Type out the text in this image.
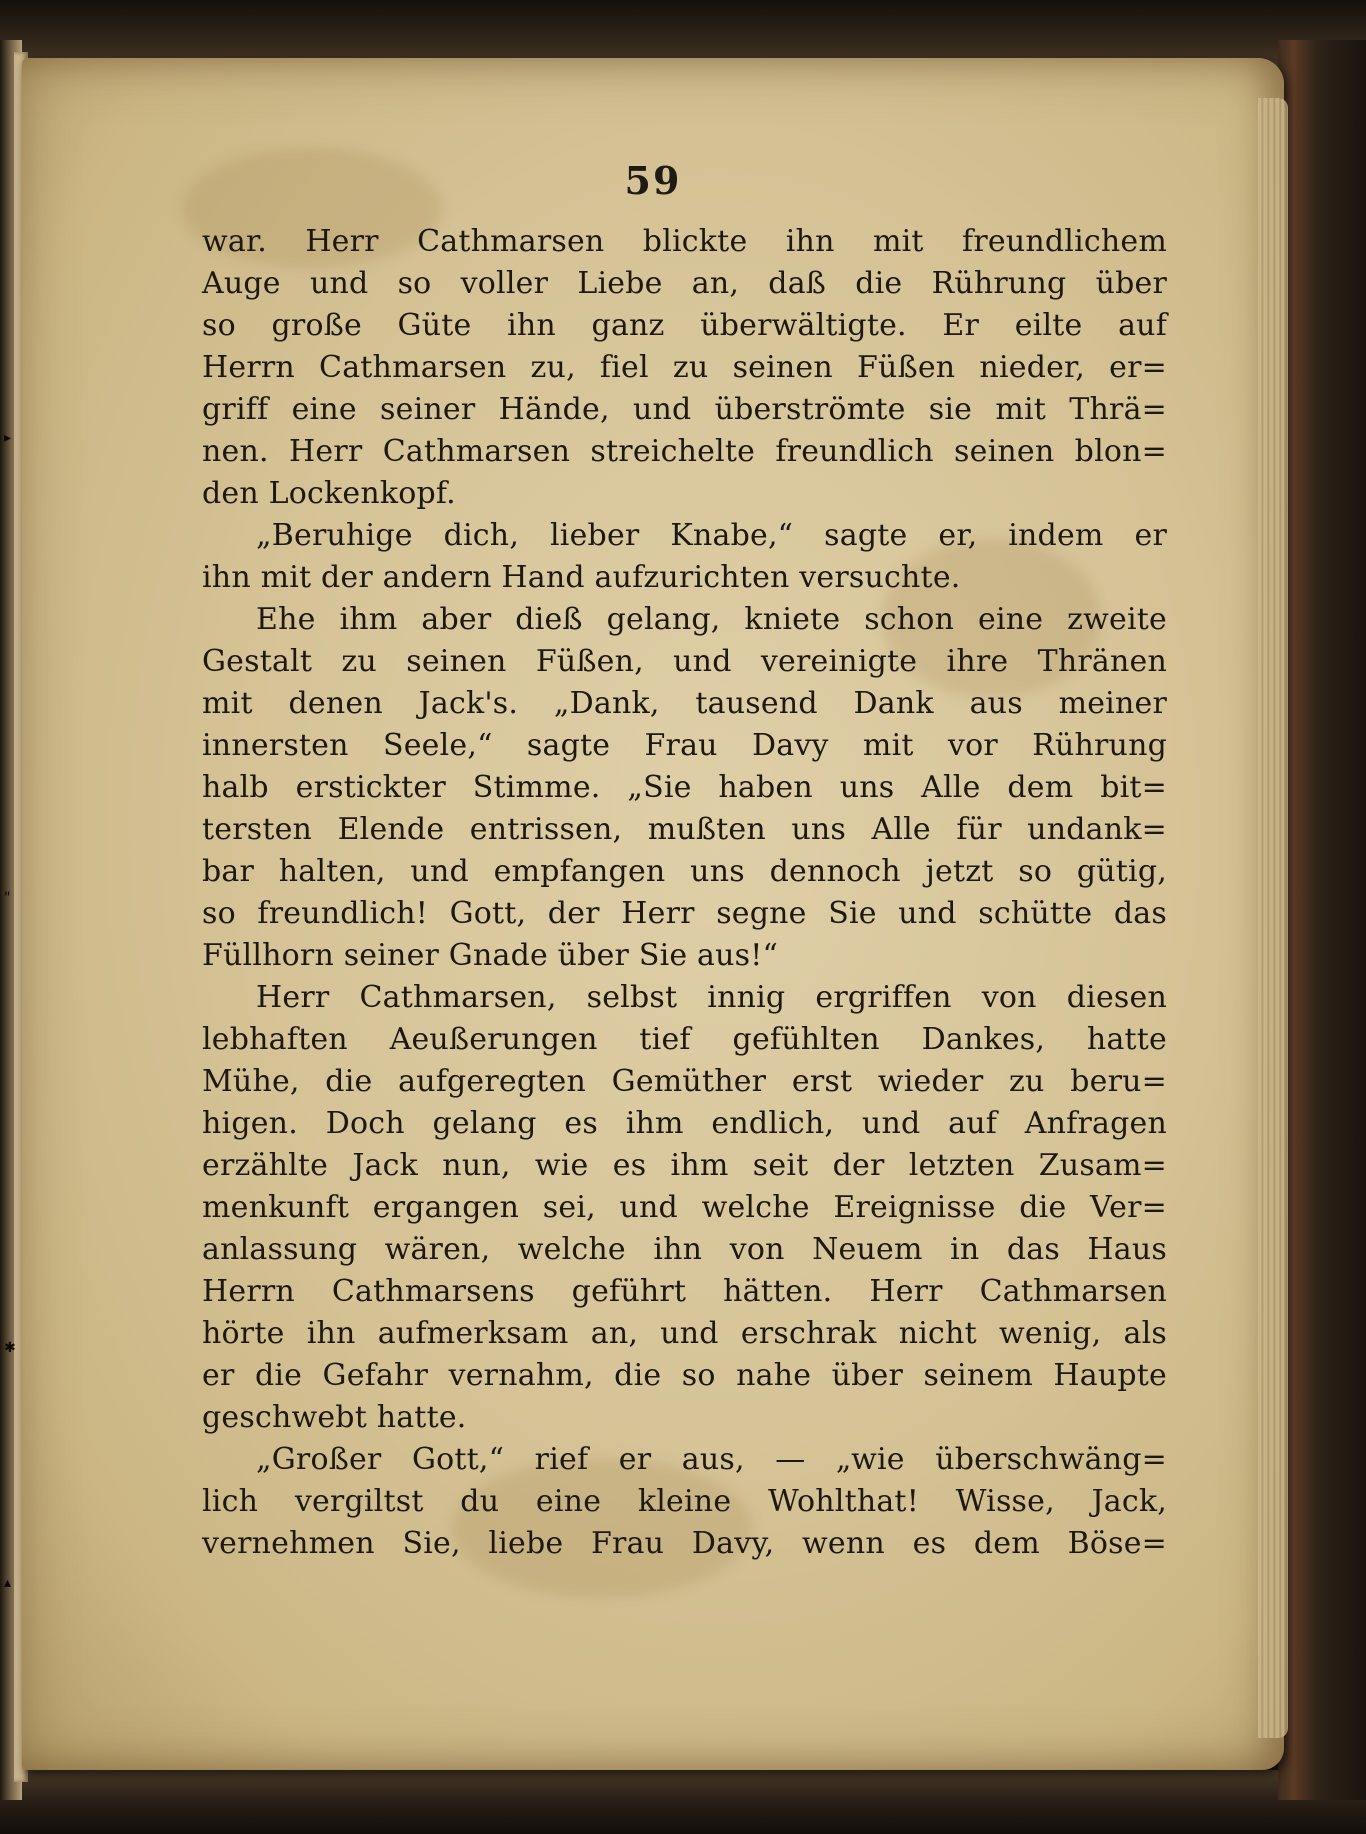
▸
"
✱
▴
59
war. Herr Cathmarsen blickte ihn mit freundlichem
Auge und so voller Liebe an, daß die Rührung über
so große Güte ihn ganz überwältigte. Er eilte auf
Herrn Cathmarsen zu, fiel zu seinen Füßen nieder, er=
griff eine seiner Hände, und überströmte sie mit Thrä=
nen. Herr Cathmarsen streichelte freundlich seinen blon=
den Lockenkopf.
„Beruhige dich, lieber Knabe,“ sagte er, indem er
ihn mit der andern Hand aufzurichten versuchte.
Ehe ihm aber dieß gelang, kniete schon eine zweite
Gestalt zu seinen Füßen, und vereinigte ihre Thränen
mit denen Jack's. „Dank, tausend Dank aus meiner
innersten Seele,“ sagte Frau Davy mit vor Rührung
halb erstickter Stimme. „Sie haben uns Alle dem bit=
tersten Elende entrissen, mußten uns Alle für undank=
bar halten, und empfangen uns dennoch jetzt so gütig,
so freundlich! Gott, der Herr segne Sie und schütte das
Füllhorn seiner Gnade über Sie aus!“
Herr Cathmarsen, selbst innig ergriffen von diesen
lebhaften Aeußerungen tief gefühlten Dankes, hatte
Mühe, die aufgeregten Gemüther erst wieder zu beru=
higen. Doch gelang es ihm endlich, und auf Anfragen
erzählte Jack nun, wie es ihm seit der letzten Zusam=
menkunft ergangen sei, und welche Ereignisse die Ver=
anlassung wären, welche ihn von Neuem in das Haus
Herrn Cathmarsens geführt hätten. Herr Cathmarsen
hörte ihn aufmerksam an, und erschrak nicht wenig, als
er die Gefahr vernahm, die so nahe über seinem Haupte
geschwebt hatte.
„Großer Gott,“ rief er aus, — „wie überschwäng=
lich vergiltst du eine kleine Wohlthat! Wisse, Jack,
vernehmen Sie, liebe Frau Davy, wenn es dem Böse=
